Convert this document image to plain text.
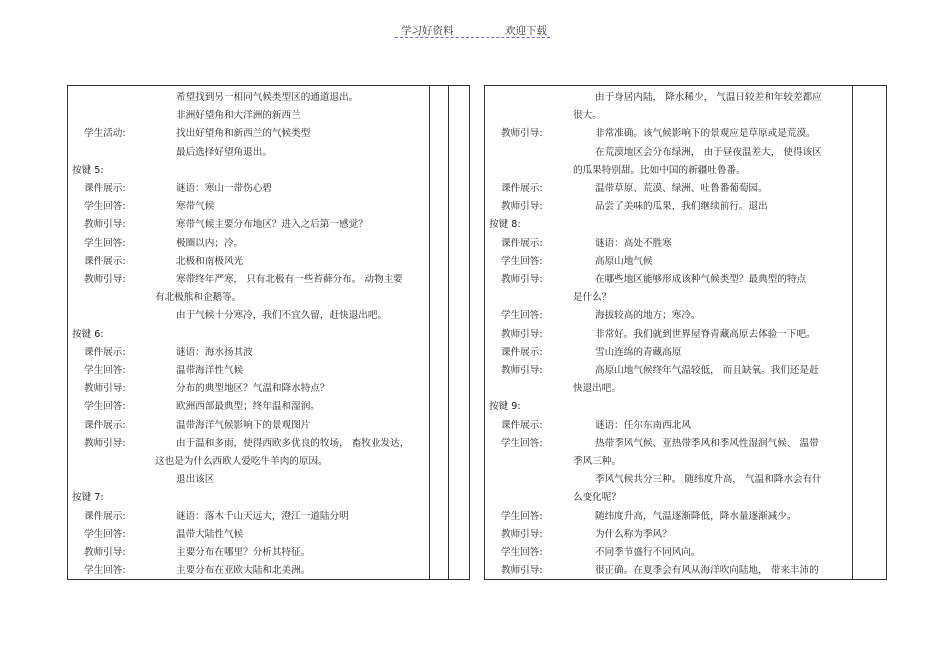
学习好资料	欢迎下载
希望找到另一相同气候类型区的通道退出。
非洲好望角和大洋洲的新西兰
学生活动:	找出好望角和新西兰的气候类型
最后选择好望角退出。
按键 5:
课件展示:	谜语：寒山一带伤心碧
学生回答:	寒带气候
教师引导:	寒带气候主要分布地区？进入之后第一感觉？
学生回答:	极圈以内；冷。
课件展示:	北极和南极风光
教师引导:	寒带终年严寒， 只有北极有一些苔藓分布。 动物主要
有北极熊和企鹅等。
由于气候十分寒冷，我们不宜久留，赶快退出吧。
按键 6:
课件展示:	谜语：海水扬其波
学生回答:	温带海洋性气候
教师引导:	分布的典型地区？气温和降水特点？
学生回答:	欧洲西部最典型；终年温和湿润。
课件展示:	温带海洋气候影响下的景观图片
教师引导:	由于温和多雨，使得西欧多优良的牧场， 畜牧业发达，
这也是为什么西欧人爱吃牛羊肉的原因。
退出该区
按键 7:
课件展示:	谜语：落木千山天远大，澄江一道陆分明
学生回答:	温带大陆性气候
教师引导:	主要分布在哪里？分析其特征。
学生回答:	主要分布在亚欧大陆和北美洲。
由于身居内陆， 降水稀少， 气温日较差和年较差都应
很大。
教师引导:	非常准确。该气候影响下的景观应是草原或是荒漠。
在荒漠地区会分布绿洲， 由于昼夜温差大， 使得该区
的瓜果特别甜。比如中国的新疆吐鲁番。
课件展示:	温带草原、荒漠、绿洲、吐鲁番葡萄园。
教师引导:	品尝了美味的瓜果，我们继续前行。退出
按键 8:
课件展示:	谜语：高处不胜寒
学生回答:	高原山地气候
教师引导:	在哪些地区能够形成该种气候类型？最典型的特点
是什么？
学生回答:	海拔较高的地方；寒冷。
教师引导:	非常好。我们就到世界屋脊青藏高原去体验一下吧。
课件展示:	雪山连绵的青藏高原
教师引导:	高原山地气候终年气温较低， 而且缺氧。我们还是赶
快退出吧。
按键 9:
课件展示:	谜语：任尔东南西北风
学生回答:	热带季风气候、亚热带季风和季风性湿润气候、 温带
季风三种。
季风气候共分三种。 随纬度升高， 气温和降水会有什
么变化呢？
学生回答:	随纬度升高，气温逐渐降低，降水量逐渐减少。
教师引导:	为什么称为季风？
学生回答:	不同季节盛行不同风向。
教师引导:	很正确。在夏季会有风从海洋吹向陆地， 带来丰沛的
